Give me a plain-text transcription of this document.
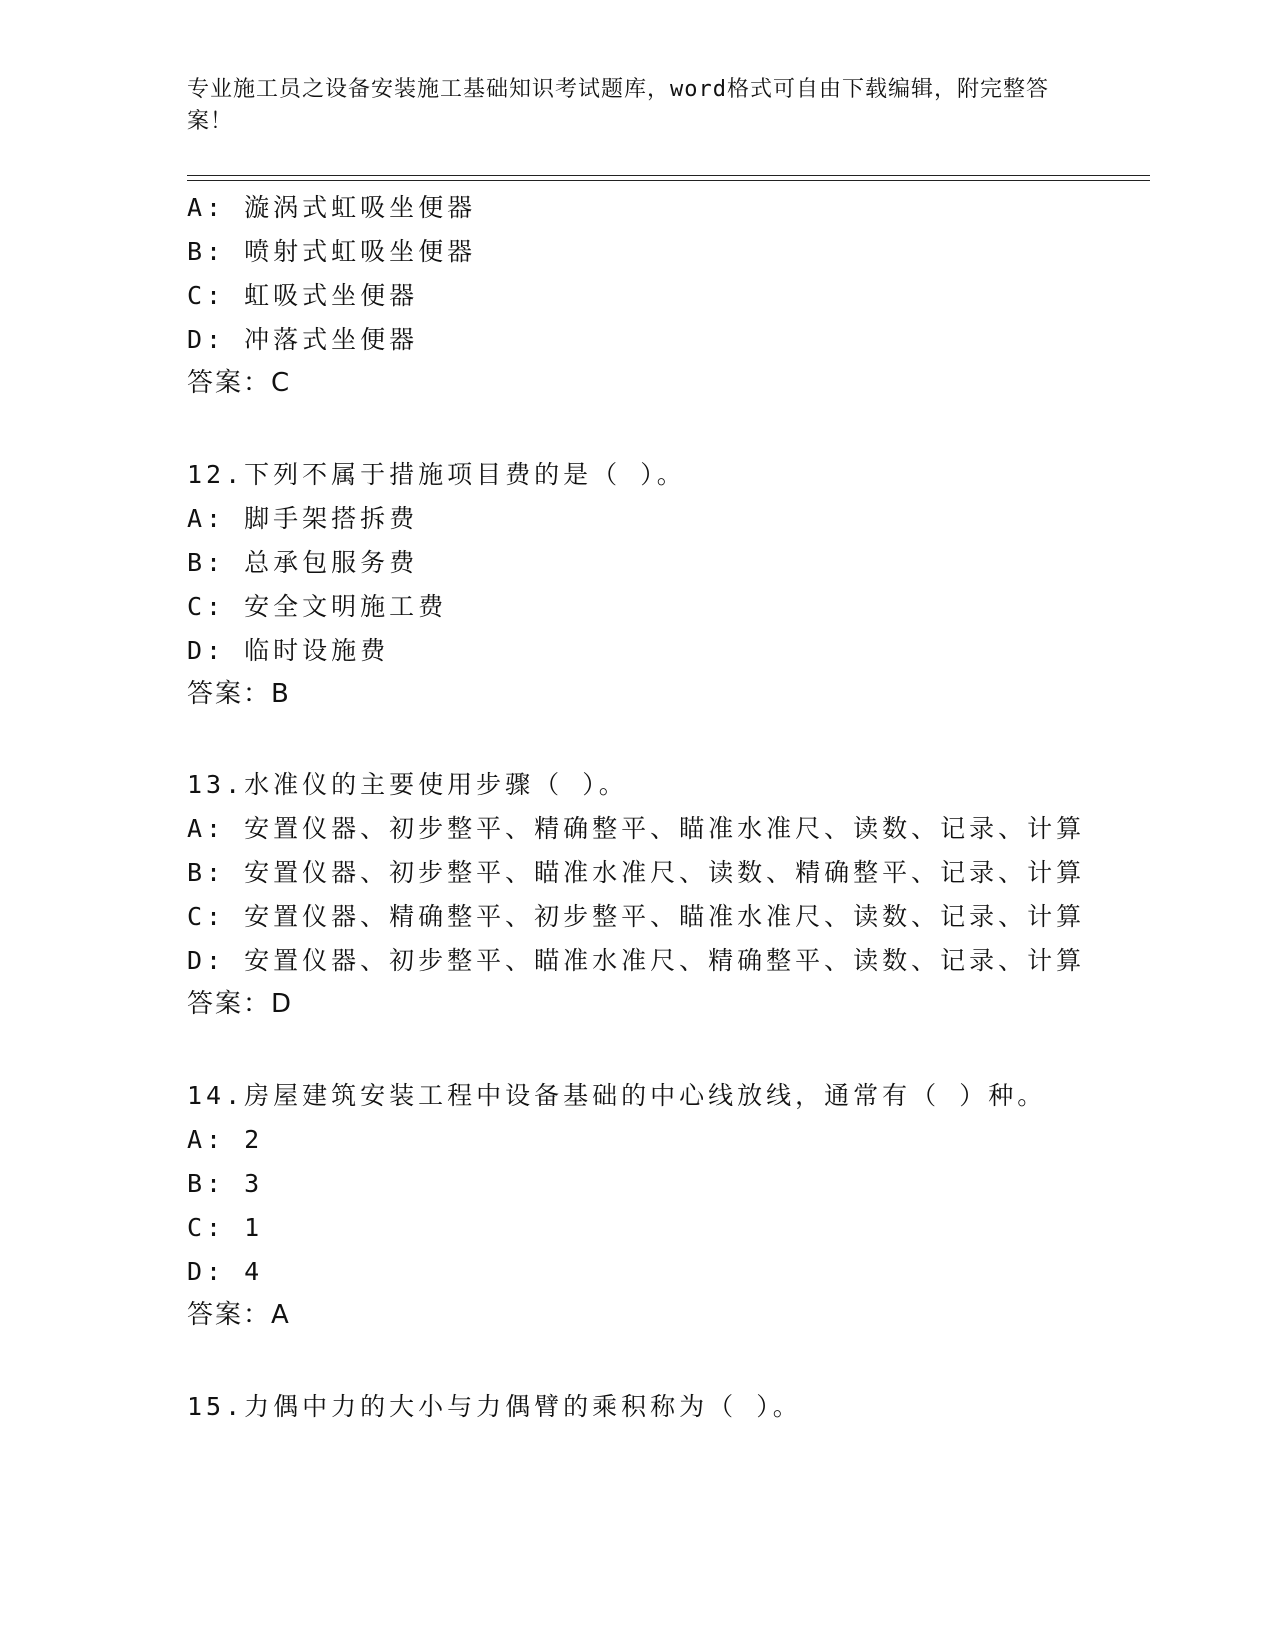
专业施工员之设备安装施工基础知识考试题库，word格式可自由下载编辑，附完整答案！
A: 漩涡式虹吸坐便器
B: 喷射式虹吸坐便器
C: 虹吸式坐便器
D: 冲落式坐便器
答案：C
12.下列不属于措施项目费的是（ ）。
A: 脚手架搭拆费
B: 总承包服务费
C: 安全文明施工费
D: 临时设施费
答案：B
13.水准仪的主要使用步骤（ ）。
A: 安置仪器、初步整平、精确整平、瞄准水准尺、读数、记录、计算
B: 安置仪器、初步整平、瞄准水准尺、读数、精确整平、记录、计算
C: 安置仪器、精确整平、初步整平、瞄准水准尺、读数、记录、计算
D: 安置仪器、初步整平、瞄准水准尺、精确整平、读数、记录、计算
答案：D
14.房屋建筑安装工程中设备基础的中心线放线，通常有（ ）种。
A: 2
B: 3
C: 1
D: 4
答案：A
15.力偶中力的大小与力偶臂的乘积称为（ ）。
